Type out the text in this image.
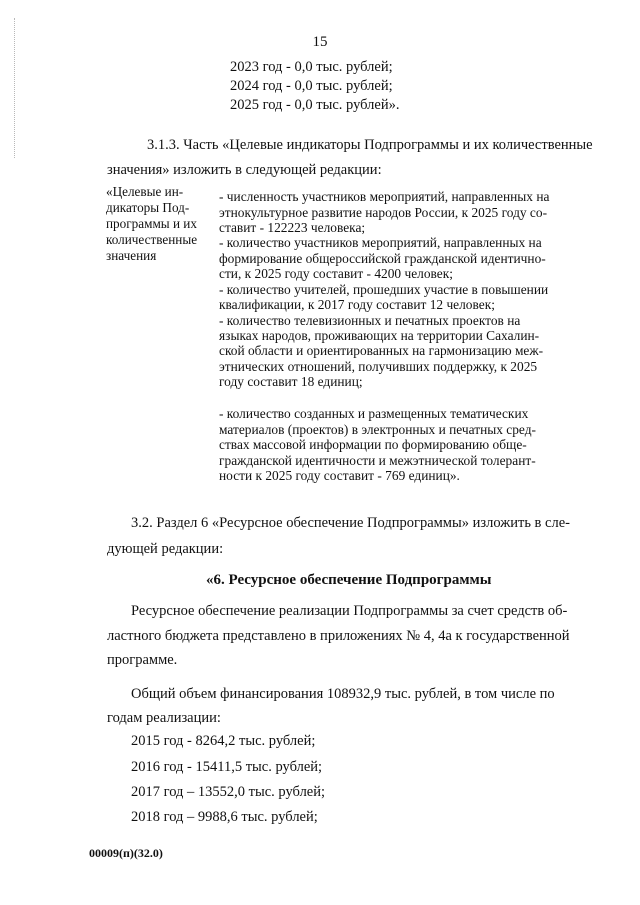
15
2023 год - 0,0 тыс. рублей;
2024 год - 0,0 тыс. рублей;
2025 год - 0,0 тыс. рублей».
3.1.3. Часть «Целевые индикаторы Подпрограммы и их количественные
значения» изложить в следующей редакции:
«Целевые ин-
дикаторы Под-
программы и их
количественные
значения
- численность участников мероприятий, направленных на
этнокультурное развитие народов России, к 2025 году со-
ставит - 122223 человека;
- количество участников мероприятий, направленных на
формирование общероссийской гражданской идентично-
сти, к 2025 году составит - 4200 человек;
- количество учителей, прошедших участие в повышении
квалификации, к 2017 году составит 12 человек;
- количество телевизионных и печатных проектов на
языках народов, проживающих на территории Сахалин-
ской области и ориентированных на гармонизацию меж-
этнических отношений, получивших поддержку, к 2025
году составит 18 единиц;
- количество созданных и размещенных тематических
материалов (проектов) в электронных и печатных сред-
ствах массовой информации по формированию обще-
гражданской идентичности и межэтнической толерант-
ности к 2025 году составит - 769 единиц».
3.2. Раздел 6 «Ресурсное обеспечение Подпрограммы» изложить в сле-
дующей редакции:
«6. Ресурсное обеспечение Подпрограммы
Ресурсное обеспечение реализации Подпрограммы за счет средств об-
ластного бюджета представлено в приложениях № 4, 4а к государственной
программе.
Общий объем финансирования 108932,9 тыс. рублей, в том числе по
годам реализации:
2015 год - 8264,2 тыс. рублей;
2016 год - 15411,5 тыс. рублей;
2017 год – 13552,0 тыс. рублей;
2018 год – 9988,6 тыс. рублей;
00009(п)(32.0)
